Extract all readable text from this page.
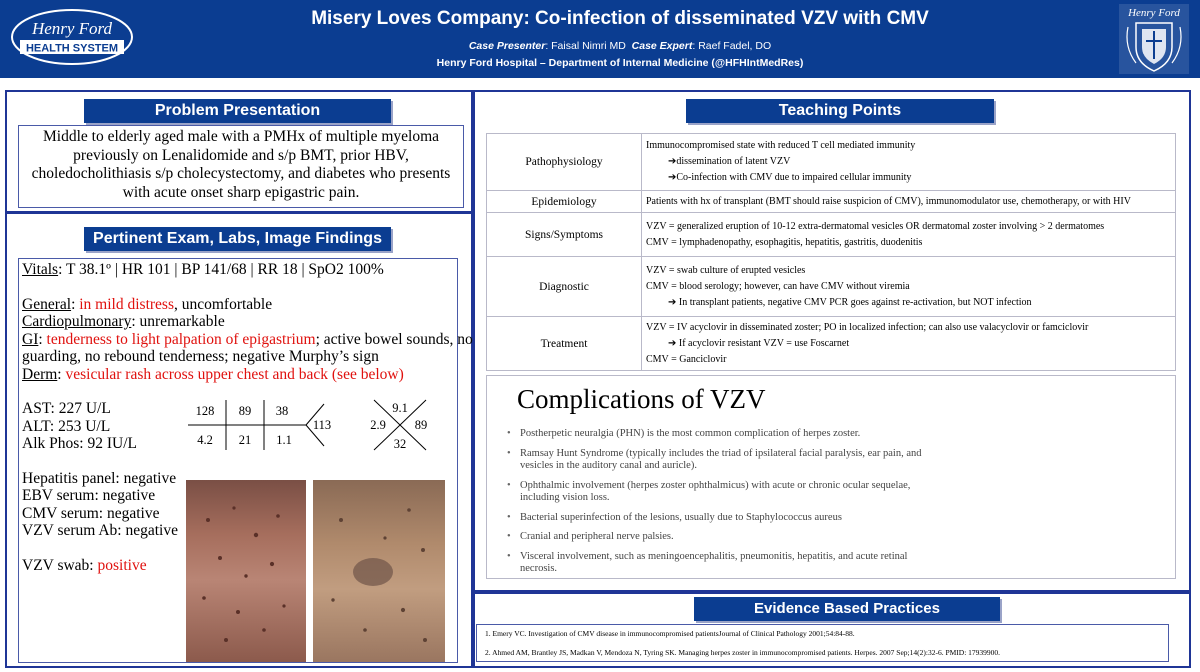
Henry Ford
HEALTH SYSTEM
Misery Loves Company: Co-infection of disseminated VZV with CMV
Case Presenter: Faisal Nimri MD Case Expert: Raef Fadel, DO
Henry Ford Hospital – Department of Internal Medicine (@HFHIntMedRes)
Henry Ford
Problem Presentation
Middle to elderly aged male with a PMHx of multiple myeloma previously on Lenalidomide and s/p BMT, prior HBV, choledocholithiasis s/p cholecystectomy, and diabetes who presents with acute onset sharp epigastric pain.
Pertinent Exam, Labs, Image Findings
Vitals: T 38.1º | HR 101 | BP 141/68 | RR 18 | SpO2 100%
General: in mild distress, uncomfortable
Cardiopulmonary: unremarkable
GI: tenderness to light palpation of epigastrium; active bowel sounds, no
guarding, no rebound tenderness; negative Murphy’s sign
Derm: vesicular rash across upper chest and back (see below)
AST: 227 U/L
ALT: 253 U/L
Alk Phos: 92 IU/L
Hepatitis panel: negative
EBV serum: negative
CMV serum: negative
VZV serum Ab: negative
VZV swab: positive
128 89 38
4.2 21 1.1
113
9.1
2.9 89
32
Teaching Points
Pathophysiology	Immunocompromised state with reduced T cell mediated immunity
➔dissemination of latent VZV
➔Co-infection with CMV due to impaired cellular immunity

Epidemiology	Patients with hx of transplant (BMT should raise suspicion of CMV), immunomodulator use, chemotherapy, or with HIV

Signs/Symptoms	VZV = generalized eruption of 10-12 extra-dermatomal vesicles OR dermatomal zoster involving > 2 dermatomes
CMV = lymphadenopathy, esophagitis, hepatitis, gastritis, duodenitis

Diagnostic	VZV = swab culture of erupted vesicles
CMV = blood serology; however, can have CMV without viremia
➔ In transplant patients, negative CMV PCR goes against re-activation, but NOT infection

Treatment	VZV = IV acyclovir in disseminated zoster; PO in localized infection; can also use valacyclovir or famciclovir
➔ If acyclovir resistant VZV = use Foscarnet
CMV = Ganciclovir
Complications of VZV
• Postherpetic neuralgia (PHN) is the most common complication of herpes zoster.
• Ramsay Hunt Syndrome (typically includes the triad of ipsilateral facial paralysis, ear pain, and vesicles in the auditory canal and auricle).
• Ophthalmic involvement (herpes zoster ophthalmicus) with acute or chronic ocular sequelae, including vision loss.
• Bacterial superinfection of the lesions, usually due to Staphylococcus aureus
• Cranial and peripheral nerve palsies.
• Visceral involvement, such as meningoencephalitis, pneumonitis, hepatitis, and acute retinal necrosis.
Evidence Based Practices
1. Emery VC. Investigation of CMV disease in immunocompromised patientsJournal of Clinical Pathology 2001;54:84-88.
2. Ahmed AM, Brantley JS, Madkan V, Mendoza N, Tyring SK. Managing herpes zoster in immunocompromised patients. Herpes. 2007 Sep;14(2):32-6. PMID: 17939900.
